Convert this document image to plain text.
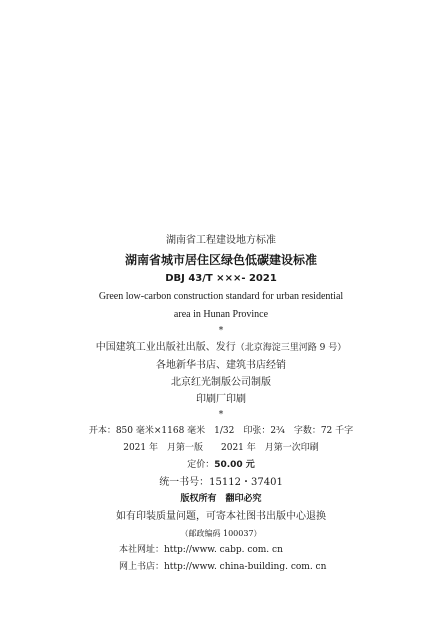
湖南省工程建设地方标准
湖南省城市居住区绿色低碳建设标准
DBJ 43/T ×××- 2021
Green low-carbon construction standard for urban residential
area in Hunan Province
*
中国建筑工业出版社出版、发行（北京海淀三里河路 9 号）
各地新华书店、建筑书店经销
北京红光制版公司制版
印刷厂印刷
*
开本：850 毫米×1168 毫米　1/32　印张：2¾　字数：72 千字
2021 年　月第一版　　2021 年　月第一次印刷
定价：50.00 元
统一书号：15112・37401
版权所有　翻印必究
如有印装质量问题，可寄本社图书出版中心退换
（邮政编码 100037）
本社网址：http://www. cabp. com. cn
网上书店：http://www. china-building. com. cn
